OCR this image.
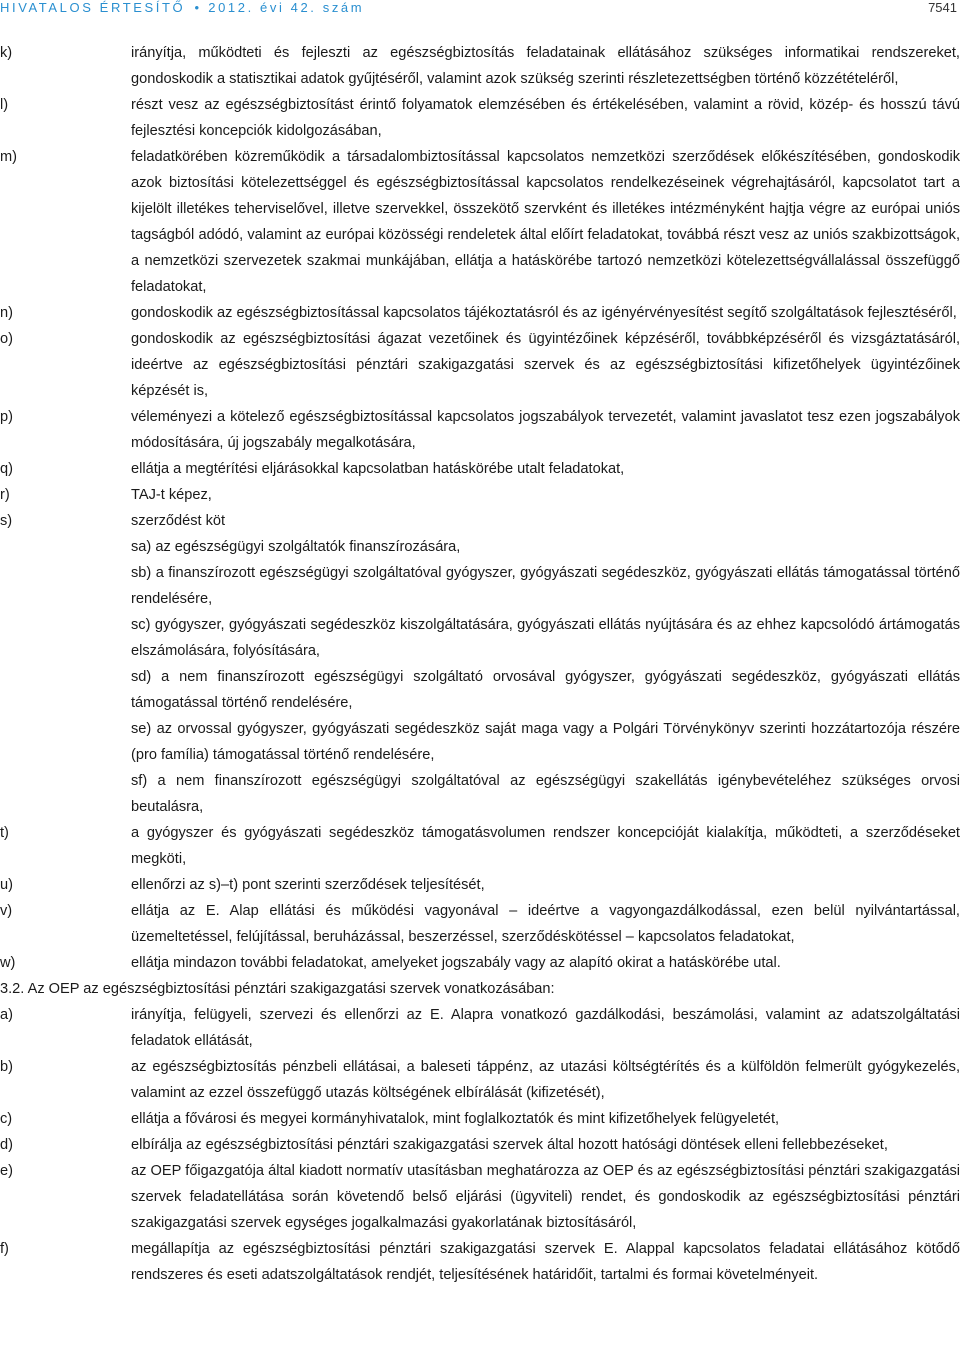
HIVATALOS ÉRTESÍTŐ • 2012. évi 42. szám	7541
k)	irányítja, működteti és fejleszti az egészségbiztosítás feladatainak ellátásához szükséges informatikai rendszereket, gondoskodik a statisztikai adatok gyűjtéséről, valamint azok szükség szerinti részletezettségben történő közzétételéről,
l)	részt vesz az egészségbiztosítást érintő folyamatok elemzésében és értékelésében, valamint a rövid, közép- és hosszú távú fejlesztési koncepciók kidolgozásában,
m)	feladatkörében közreműködik a társadalombiztosítással kapcsolatos nemzetközi szerződések előkészítésében, gondoskodik azok biztosítási kötelezettséggel és egészségbiztosítással kapcsolatos rendelkezéseinek végrehajtásáról, kapcsolatot tart a kijelölt illetékes teherviselővel, illetve szervekkel, összekötő szervként és illetékes intézményként hajtja végre az európai uniós tagságból adódó, valamint az európai közösségi rendeletek által előírt feladatokat, továbbá részt vesz az uniós szakbizottságok, a nemzetközi szervezetek szakmai munkájában, ellátja a hatáskörébe tartozó nemzetközi kötelezettségvállalással összefüggő feladatokat,
n)	gondoskodik az egészségbiztosítással kapcsolatos tájékoztatásról és az igényérvényesítést segítő szolgáltatások fejlesztéséről,
o)	gondoskodik az egészségbiztosítási ágazat vezetőinek és ügyintézőinek képzéséről, továbbképzéséről és vizsgáztatásáról, ideértve az egészségbiztosítási pénztári szakigazgatási szervek és az egészségbiztosítási kifizetőhelyek ügyintézőinek képzését is,
p)	véleményezi a kötelező egészségbiztosítással kapcsolatos jogszabályok tervezetét, valamint javaslatot tesz ezen jogszabályok módosítására, új jogszabály megalkotására,
q)	ellátja a megtérítési eljárásokkal kapcsolatban hatáskörébe utalt feladatokat,
r)	TAJ-t képez,
s)	szerződést köt
sa) az egészségügyi szolgáltatók finanszírozására,
sb) a finanszírozott egészségügyi szolgáltatóval gyógyszer, gyógyászati segédeszköz, gyógyászati ellátás támogatással történő rendelésére,
sc) gyógyszer, gyógyászati segédeszköz kiszolgáltatására, gyógyászati ellátás nyújtására és az ehhez kapcsolódó ártámogatás elszámolására, folyósítására,
sd) a nem finanszírozott egészségügyi szolgáltató orvosával gyógyszer, gyógyászati segédeszköz, gyógyászati ellátás támogatással történő rendelésére,
se) az orvossal gyógyszer, gyógyászati segédeszköz saját maga vagy a Polgári Törvénykönyv szerinti hozzátartozója részére (pro família) támogatással történő rendelésére,
sf) a nem finanszírozott egészségügyi szolgáltatóval az egészségügyi szakellátás igénybevételéhez szükséges orvosi beutalásra,
t)	a gyógyszer és gyógyászati segédeszköz támogatásvolumen rendszer koncepcióját kialakítja, működteti, a szerződéseket megköti,
u)	ellenőrzi az s)–t) pont szerinti szerződések teljesítését,
v)	ellátja az E. Alap ellátási és működési vagyonával – ideértve a vagyongazdálkodással, ezen belül nyilvántartással, üzemeltetéssel, felújítással, beruházással, beszerzéssel, szerződéskötéssel – kapcsolatos feladatokat,
w)	ellátja mindazon további feladatokat, amelyeket jogszabály vagy az alapító okirat a hatáskörébe utal.

3.2. Az OEP az egészségbiztosítási pénztári szakigazgatási szervek vonatkozásában:

a)	irányítja, felügyeli, szervezi és ellenőrzi az E. Alapra vonatkozó gazdálkodási, beszámolási, valamint az adatszolgáltatási feladatok ellátását,
b)	az egészségbiztosítás pénzbeli ellátásai, a baleseti táppénz, az utazási költségtérítés és a külföldön felmerült gyógykezelés, valamint az ezzel összefüggő utazás költségének elbírálását (kifizetését),
c)	ellátja a fővárosi és megyei kormányhivatalok, mint foglalkoztatók és mint kifizetőhelyek felügyeletét,
d)	elbírálja az egészségbiztosítási pénztári szakigazgatási szervek által hozott hatósági döntések elleni fellebbezéseket,
e)	az OEP főigazgatója által kiadott normatív utasításban meghatározza az OEP és az egészségbiztosítási pénztári szakigazgatási szervek feladatellátása során követendő belső eljárási (ügyviteli) rendet, és gondoskodik az egészségbiztosítási pénztári szakigazgatási szervek egységes jogalkalmazási gyakorlatának biztosításáról,
f)	megállapítja az egészségbiztosítási pénztári szakigazgatási szervek E. Alappal kapcsolatos feladatai ellátásához kötődő rendszeres és eseti adatszolgáltatások rendjét, teljesítésének határidőit, tartalmi és formai követelményeit.
